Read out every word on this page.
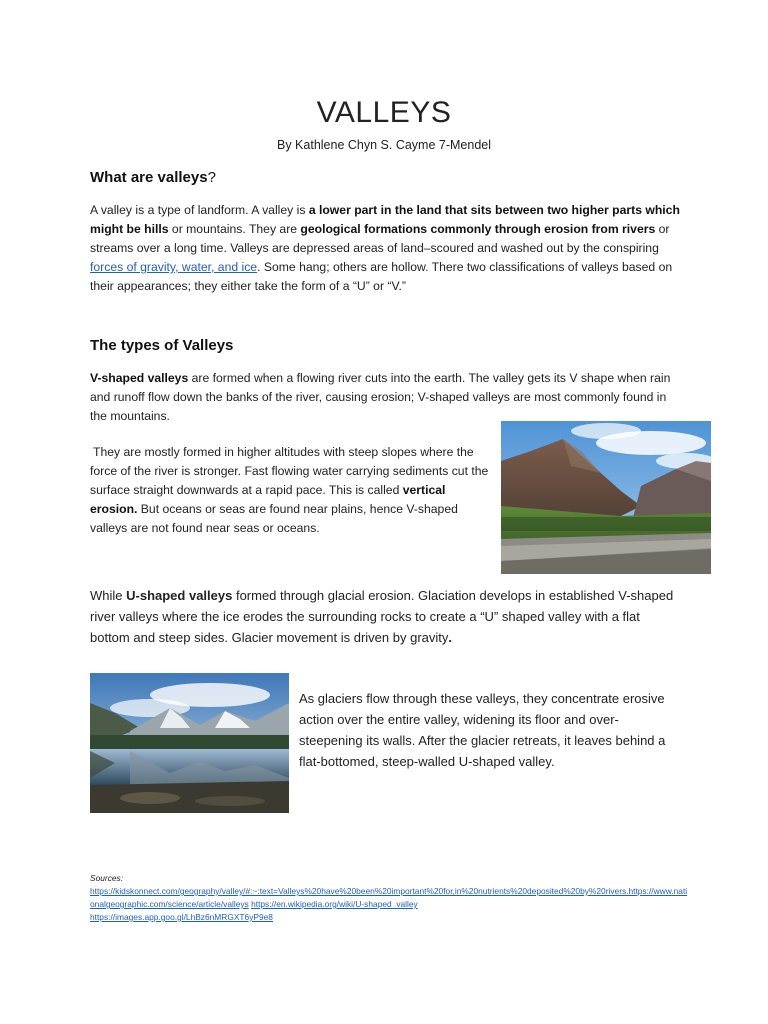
VALLEYS
By Kathlene Chyn S. Cayme 7-Mendel
What are valleys?

A valley is a type of landform. A valley is a lower part in the land that sits between two higher parts which might be hills or mountains. They are geological formations commonly through erosion from rivers or streams over a long time. Valleys are depressed areas of land–scoured and washed out by the conspiring forces of gravity, water, and ice. Some hang; others are hollow. There two classifications of valleys based on their appearances; they either take the form of a “U” or “V.”

The types of Valleys

V-shaped valleys are formed when a flowing river cuts into the earth. The valley gets its V shape when rain and runoff flow down the banks of the river, causing erosion; V-shaped valleys are most commonly found in the mountains.

They are mostly formed in higher altitudes with steep slopes where the force of the river is stronger. Fast flowing water carrying sediments cut the surface straight downwards at a rapid pace. This is called vertical erosion. But oceans or seas are found near plains, hence V-shaped valleys are not found near seas or oceans.

While U-shaped valleys formed through glacial erosion. Glaciation develops in established V-shaped river valleys where the ice erodes the surrounding rocks to create a “U” shaped valley with a flat bottom and steep sides. Glacier movement is driven by gravity.

As glaciers flow through these valleys, they concentrate erosive action over the entire valley, widening its floor and over-steepening its walls. After the glacier retreats, it leaves behind a flat-bottomed, steep-walled U-shaped valley.

Sources:
https://kidskonnect.com/geography/valley/#:~:text=Valleys%20have%20been%20important%20for,in%20nutrients%20deposited%20by%20rivers.https://www.nationalgeographic.com/science/article/valleys https://en.wikipedia.org/wiki/U-shaped_valley
https://images.app.goo.gl/LhBz6nMRGXT6yP9e8
